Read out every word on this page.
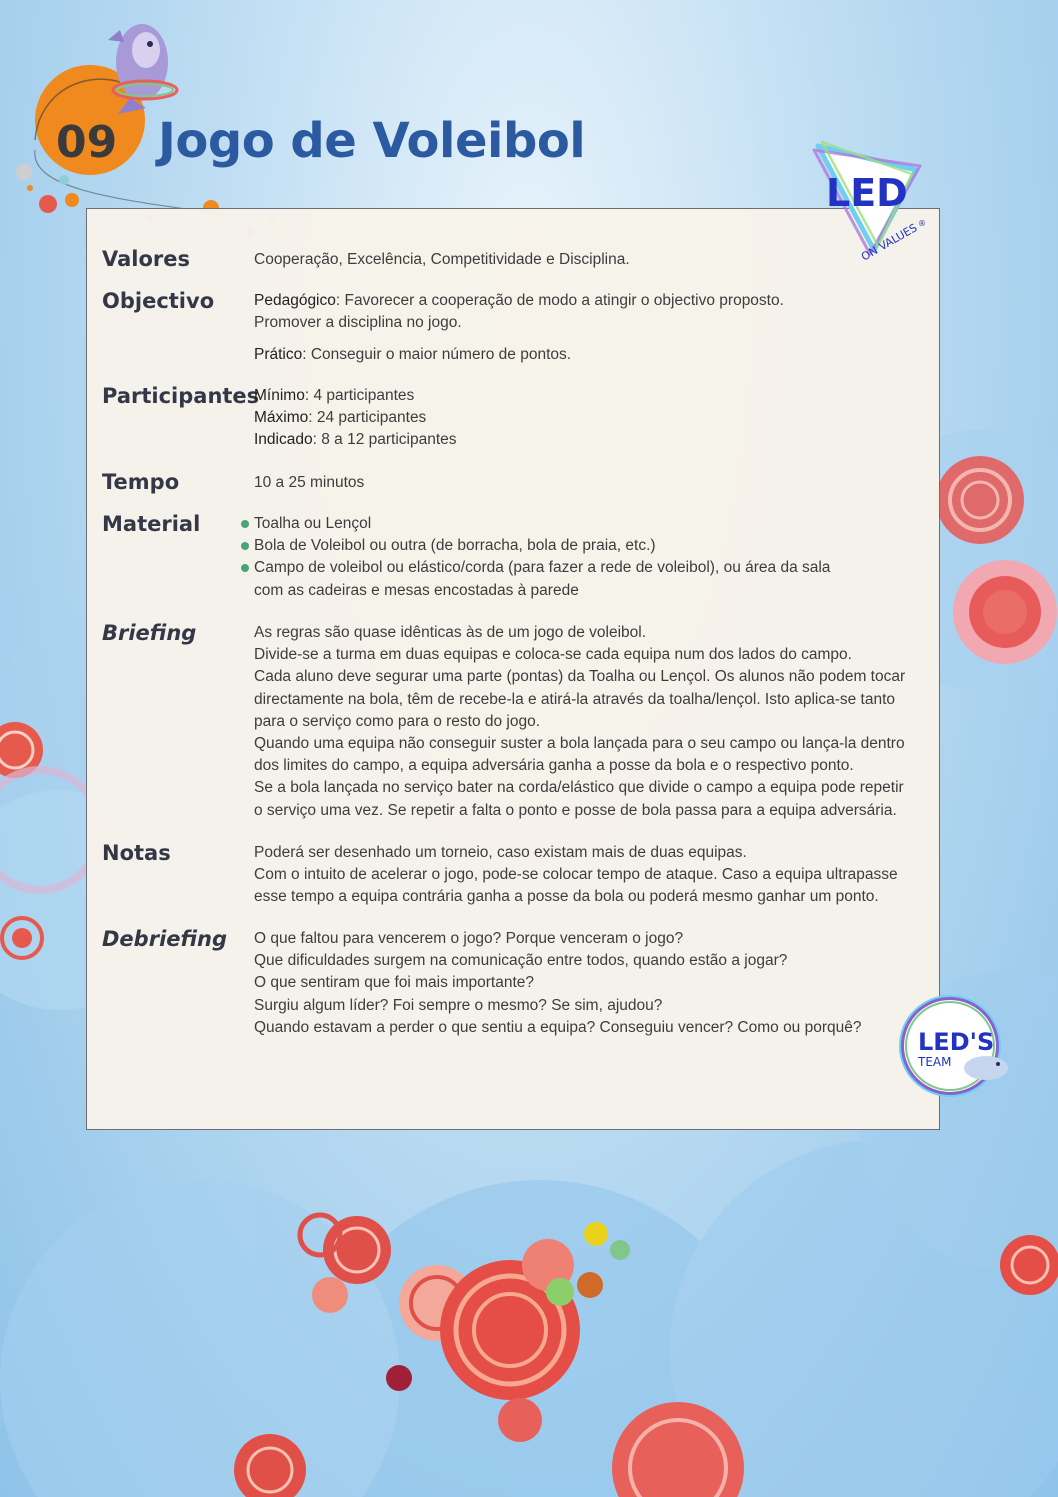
09 Jogo de Voleibol
LED
ON VALUES
®
LED'S
TEAM
Valores	Cooperação, Excelência, Competitividade e Disciplina.
Objectivo	Pedagógico: Favorecer a cooperação de modo a atingir o objectivo proposto.
Promover a disciplina no jogo.
Prático: Conseguir o maior número de pontos.
Participantes
Mínimo: 4 participantes
Máximo: 24 participantes
Indicado: 8 a 12 participantes
Tempo	10 a 25 minutos
Material	Toalha ou Lençol
Bola de Voleibol ou outra (de borracha, bola de praia, etc.)
Campo de voleibol ou elástico/corda (para fazer a rede de voleibol), ou área da sala
com as cadeiras e mesas encostadas à parede
Briefing	As regras são quase idênticas às de um jogo de voleibol.
Divide-se a turma em duas equipas e coloca-se cada equipa num dos lados do campo.
Cada aluno deve segurar uma parte (pontas) da Toalha ou Lençol. Os alunos não podem tocar
directamente na bola, têm de recebe-la e atirá-la através da toalha/lençol. Isto aplica-se tanto
para o serviço como para o resto do jogo.
Quando uma equipa não conseguir suster a bola lançada para o seu campo ou lança-la dentro
dos limites do campo, a equipa adversária ganha a posse da bola e o respectivo ponto.
Se a bola lançada no serviço bater na corda/elástico que divide o campo a equipa pode repetir
o serviço uma vez. Se repetir a falta o ponto e posse de bola passa para a equipa adversária.
Notas	Poderá ser desenhado um torneio, caso existam mais de duas equipas.
Com o intuito de acelerar o jogo, pode-se colocar tempo de ataque. Caso a equipa ultrapasse
esse tempo a equipa contrária ganha a posse da bola ou poderá mesmo ganhar um ponto.
Debriefing O que faltou para vencerem o jogo? Porque venceram o jogo?
Que dificuldades surgem na comunicação entre todos, quando estão a jogar?
O que sentiram que foi mais importante?
Surgiu algum líder? Foi sempre o mesmo? Se sim, ajudou?
Quando estavam a perder o que sentiu a equipa? Conseguiu vencer? Como ou porquê?
